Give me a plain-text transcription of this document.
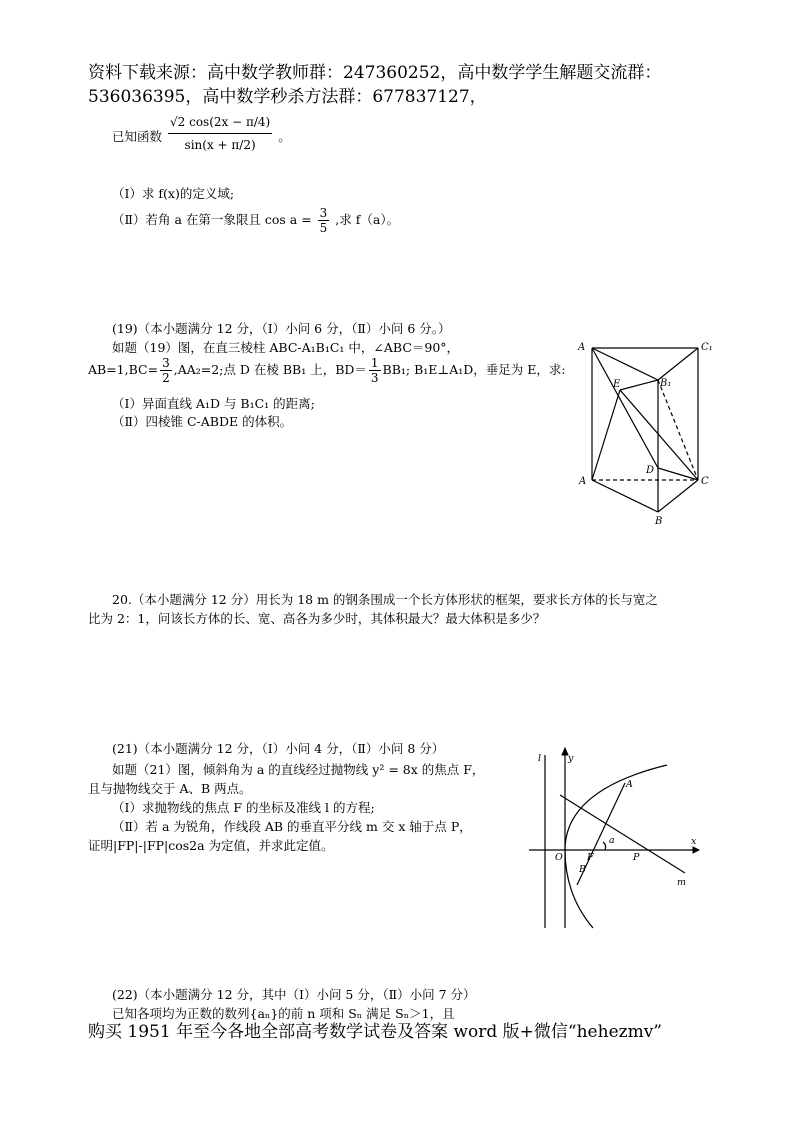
资料下载来源：高中数学教师群：247360252，高中数学学生解题交流群：
536036395，高中数学秒杀方法群：677837127，
已知函数 $\frac{√2 \cos(2x - \pi/4)}{\sin(x + \pi/2)}$ 。
（Ⅰ）求 f(x)的定义域;
（Ⅱ）若角 a 在第一象限且 $\cos a = \frac{3}{5}$ ,求 f（a）。
(19)（本小题满分 12 分，（Ⅰ）小问 6 分，（Ⅱ）小问 6 分。）
如题（19）图，在直三棱柱 ABC-A₁B₁C₁ 中，∠ABC＝90°，
$AB=1,BC= \frac{3}{2} ,AA_2=2$;点 D 在棱 BB₁ 上，$BD= \frac{1}{3} BB_1$; B₁E⊥A₁D，垂足为 E，求:
（Ⅰ）异面直线 A₁D 与 B₁C₁ 的距离;
（Ⅱ）四棱锥 C-ABDE 的体积。
A	C₁
B₁
E
D
A	C
B
20.（本小题满分 12 分）用长为 18 m 的钢条围成一个长方体形状的框架，要求长方体的长与宽之
比为 2：1，问该长方体的长、宽、高各为多少时，其体积最大？最大体积是多少？
(21)（本小题满分 12 分，（Ⅰ）小问 4 分，（Ⅱ）小问 8 分）
如题（21）图，倾斜角为 a 的直线经过抛物线 y² = 8x 的焦点 F，
且与抛物线交于 A、B 两点。
（Ⅰ）求抛物线的焦点 F 的坐标及准线 l 的方程;
（Ⅱ）若 a 为锐角，作线段 AB 的垂直平分线 m 交 x 轴于点 P，
证明|FP|-|FP|cos2a 为定值，并求此定值。
l	y
A
a
O	F	P
x
B
m
(22)（本小题满分 12 分，其中（Ⅰ）小问 5 分，（Ⅱ）小问 7 分）
已知各项均为正数的数列{aₙ}的前 n 项和 Sₙ 满足 Sₙ＞1，且
购买 1951 年至今各地全部高考数学试卷及答案 word 版+微信“hehezmv”
